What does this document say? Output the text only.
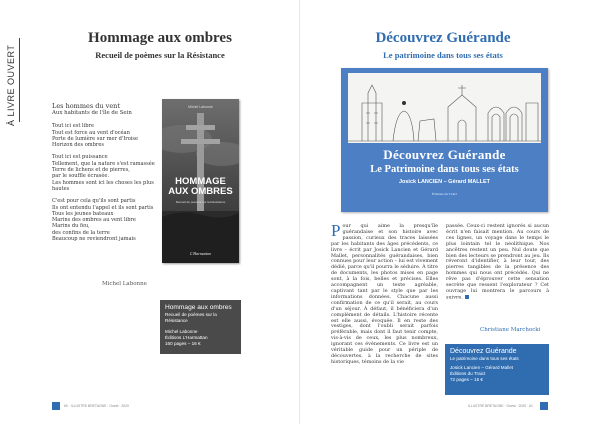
À LIVRE OUVERT
Hommage aux ombres
Recueil de poèmes sur la Résistance
Les hommes du vent
Aux habitants de l'île de Sein
Tout ici est libre
Tout est force au vent d'océan
Porte de lumière sur mer d'Iroise
Horizon des ombres
Tout ici est puissance
Tellement, que la nature s'est ramassée
Terre de lichens et de pierres,
par le souffle écrasée.
Les hommes sont ici les choses les plus hautes
C'est pour cela qu'ils sont partis
Ils ont entendu l'appel et ils sont partis
Tous les jeunes bateaux
Marins des ombres au vent libre
Marins du feu,
des confins de la terre
Beaucoup ne reviendront jamais
Michel Labonne
Michel Labonne
HOMMAGE
AUX OMBRES
Recueil de poèmes sur la Résistance
L'Harmattan
Hommage aux ombres
Recueil de poèmes sur la Résistance
Michel Labonne
Éditions L'Harmattan
160 pages – 16 €
60 · ILLUSTRE BRETAGNE · Ouest · 2020
Découvrez Guérande
Le patrimoine dans tous ses états
Découvrez Guérande
Le Patrimoine dans tous ses états
Josick LANCIEN – Gérard MALLET
Éditions du Traict
Pour qui aime la presqu'île guérandaise et son histoire avec passion, curieux des traces laissées par les habitants des âges précédents, ce livre – écrit par Josick Lancien et Gérard Mallet, personnalités guérandaises, bien connues pour leur action – lui est vivement dédié, parce qu'il pourra le séduire. À titre de documents, les photos mises en page sont, à la fois, belles et précises. Elles accompagnent un texte agréable, captivant tant par le style que par les informations données. Chacune aussi confirmation de ce qu'il serait, au cours d'un séjour. À défaut, il bénéficiera d'un complément de détails. L'histoire récente est elle aussi, évoquée. Il en reste des vestiges, dont l'oubli serait parfois préférable, mais dont il faut tenir compte, vis-à-vis de ceux, les plus nombreux, ignorant ces événements. Ce livre est un véritable guide pour un périple de découvertes, à la recherche de sites historiques, témoins de la vie
passée. Ceux-ci restent ignorés si aucun écrit n'en faisait mention. Au cours de ces lignes, un voyage dans le temps le plus lointain tel le néolithique. Nos ancêtres restent un peu. Nul doute que bien des lecteurs se prendront au jeu. Ils réveront d'identifier, à leur tour, des pierres tangibles de la présence des hommes qui nous ont précédés. Qui ne rêve pas d'éprouver cette sensation secrète que ressent l'explorateur ? Cet ouvrage lui montrera le parcours à suivre.
Christiane Marchocki
Découvrez Guérande
Le patrimoine dans tous ses états
Josick Lancien – Gérard Mallet
Éditions du Traict
72 pages – 15 €
ILLUSTRE BRETAGNE · Ouest · 2020 · 61
